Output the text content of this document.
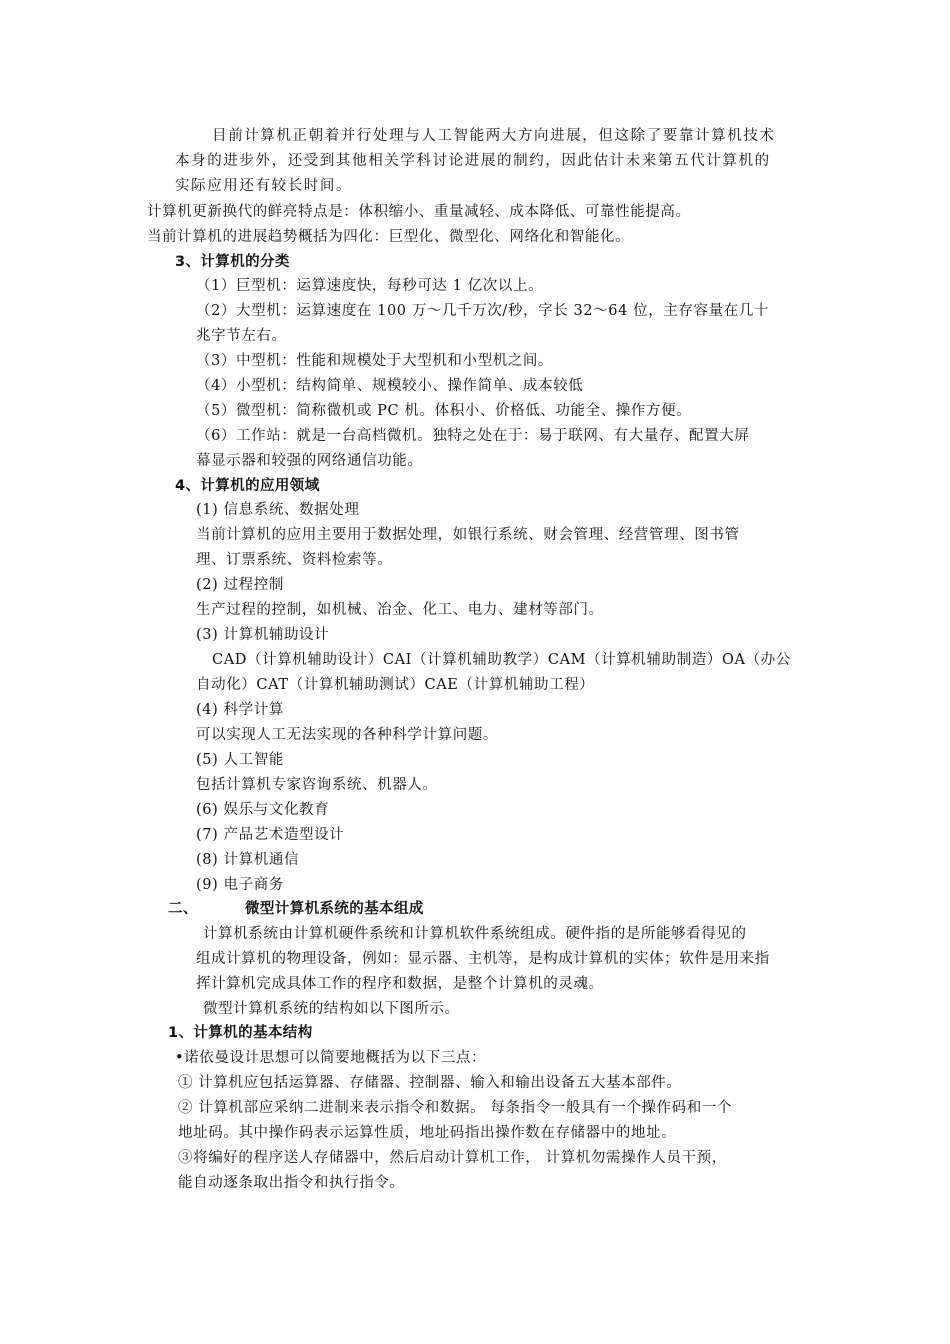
目前计算机正朝着并行处理与人工智能两大方向进展，但这除了要靠计算机技术
本身的进步外，还受到其他相关学科讨论进展的制约，因此估计未来第五代计算机的
实际应用还有较长时间。
计算机更新换代的鲜亮特点是：体积缩小、重量减轻、成本降低、可靠性能提高。
当前计算机的进展趋势概括为四化：巨型化、微型化、网络化和智能化。
3、计算机的分类
（1）巨型机：运算速度快，每秒可达 1 亿次以上。
（2）大型机：运算速度在 100 万～几千万次/秒，字长 32～64 位，主存容量在几十
兆字节左右。
（3）中型机：性能和规模处于大型机和小型机之间。
（4）小型机：结构简单、规模较小、操作简单、成本较低
（5）微型机：简称微机或 PC 机。体积小、价格低、功能全、操作方便。
（6）工作站：就是一台高档微机。独特之处在于：易于联网、有大量存、配置大屏
幕显示器和较强的网络通信功能。
4、计算机的应用领域
(1) 信息系统、数据处理
当前计算机的应用主要用于数据处理，如银行系统、财会管理、经营管理、图书管
理、订票系统、资料检索等。
(2) 过程控制
生产过程的控制，如机械、冶金、化工、电力、建材等部门。
(3) 计算机辅助设计
CAD（计算机辅助设计）CAI（计算机辅助教学）CAM（计算机辅助制造）OA（办公
自动化）CAT（计算机辅助测试）CAE（计算机辅助工程）
(4) 科学计算
可以实现人工无法实现的各种科学计算问题。
(5) 人工智能
包括计算机专家咨询系统、机器人。
(6) 娱乐与文化教育
(7) 产品艺术造型设计
(8) 计算机通信
(9) 电子商务
二、	微型计算机系统的基本组成
计算机系统由计算机硬件系统和计算机软件系统组成。硬件指的是所能够看得见的
组成计算机的物理设备，例如：显示器、主机等，是构成计算机的实体；软件是用来指
挥计算机完成具体工作的程序和数据，是整个计算机的灵魂。
微型计算机系统的结构如以下图所示。
1、计算机的基本结构
•诺依曼设计思想可以简要地概括为以下三点：
① 计算机应包括运算器、存储器、控制器、输入和输出设备五大基本部件。
② 计算机部应采纳二进制来表示指令和数据。 每条指令一般具有一个操作码和一个
地址码。其中操作码表示运算性质，地址码指出操作数在存储器中的地址。
③将编好的程序送人存储器中，然后启动计算机工作， 计算机勿需操作人员干预，
能自动逐条取出指令和执行指令。
